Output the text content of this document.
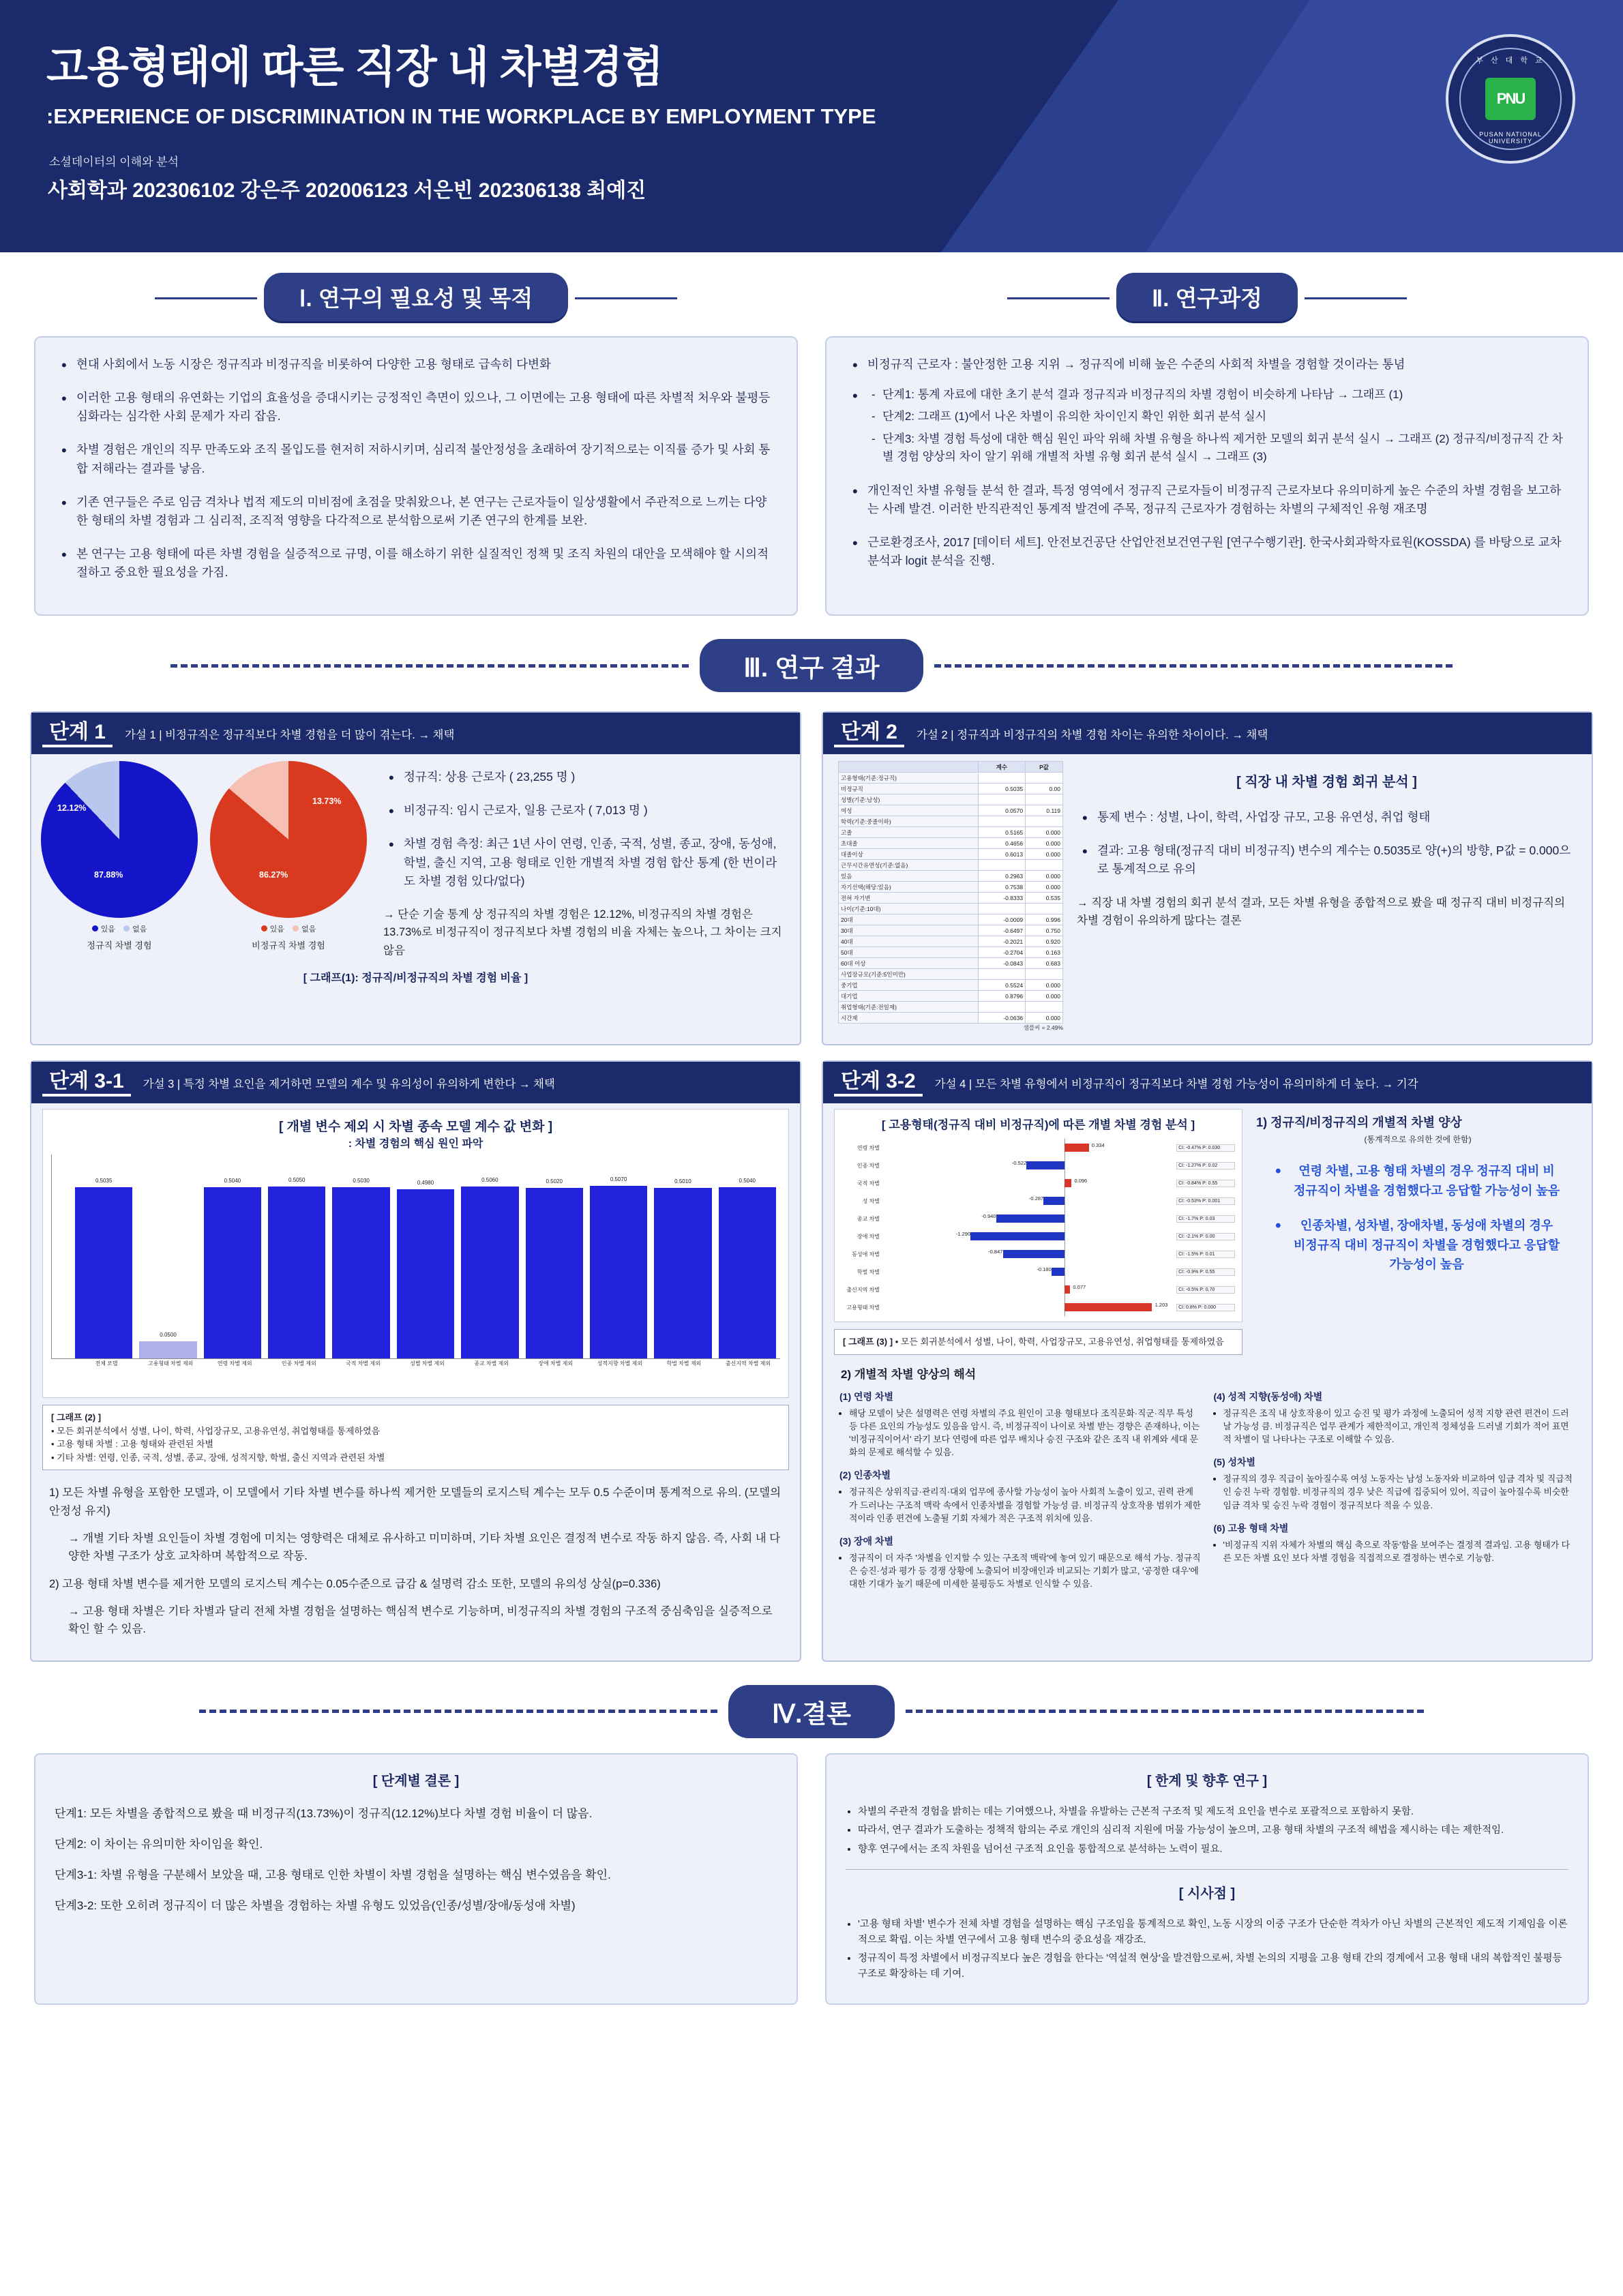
고용형태에 따른 직장 내 차별경험
:EXPERIENCE OF DISCRIMINATION IN THE WORKPLACE BY EMPLOYMENT TYPE
소셜데이터의 이해와 분석
사회학과 202306102 강은주 202006123 서은빈 202306138 최예진
부 산 대 학 교
PNU
PUSAN NATIONAL UNIVERSITY
Ⅰ. 연구의 필요성 및 목적	Ⅱ. 연구과정
• 현대 사회에서 노동 시장은 정규직과 비정규직을 비롯하여 다양한 고용 형태로 급속히 다변화
• 이러한 고용 형태의 유연화는 기업의 효율성을 증대시키는 긍정적인 측면이 있으나, 그 이면에는 고용 형태에 따른 차별적 처우와 불평등 심화라는 심각한 사회 문제가 자리 잡음.
• 차별 경험은 개인의 직무 만족도와 조직 몰입도를 현저히 저하시키며, 심리적 불안정성을 초래하여 장기적으로는 이직률 증가 및 사회 통합 저해라는 결과를 낳음.
• 기존 연구들은 주로 임금 격차나 법적 제도의 미비점에 초점을 맞춰왔으나, 본 연구는 근로자들이 일상생활에서 주관적으로 느끼는 다양한 형태의 차별 경험과 그 심리적, 조직적 영향을 다각적으로 분석함으로써 기존 연구의 한계를 보완.
• 본 연구는 고용 형태에 따른 차별 경험을 실증적으로 규명, 이를 해소하기 위한 실질적인 정책 및 조직 차원의 대안을 모색해야 할 시의적절하고 중요한 필요성을 가짐.
• 비정규직 근로자 : 불안정한 고용 지위 → 정규직에 비해 높은 수준의 사회적 차별을 경험할 것이라는 통념
- • 단계1: 통계 자료에 대한 초기 분석 결과 정규직과 비정규직의 차별 경험이 비슷하게 나타남 → 그래프 (1)
- 단계2: 그래프 (1)에서 나온 차별이 유의한 차이인지 확인 위한 회귀 분석 실시
- 단계3: 차별 경험 특성에 대한 핵심 원인 파악 위해 차별 유형을 하나씩 제거한 모델의 회귀 분석 실시 → 그래프 (2) 정규직/비정규직 간 차별 경험 양상의 차이 알기 위해 개별적 차별 유형 회귀 분석 실시 → 그래프 (3)
• 개인적인 차별 유형들 분석 한 결과, 특정 영역에서 정규직 근로자들이 비정규직 근로자보다 유의미하게 높은 수준의 차별 경험을 보고하는 사례 발견. 이러한 반직관적인 통계적 발견에 주목, 정규직 근로자가 경험하는 차별의 구체적인 유형 재조명
• 근로환경조사, 2017 [데이터 세트]. 안전보건공단 산업안전보건연구원 [연구수행기관]. 한국사회과학자료원(KOSSDA) 를 바탕으로 교차분석과 logit 분석을 진행.
Ⅲ. 연구 결과
단계 1	가설 1 | 비정규직은 정규직보다 차별 경험을 더 많이 겪는다. → 채택
12.12%
87.88%
있음 없음
정규직 차별 경험
13.73%
86.27%
있음 없음
비정규직 차별 경험
• 정규직: 상용 근로자 ( 23,255 명 )
• 비정규직: 임시 근로자, 일용 근로자 ( 7,013 명 )
• 차별 경험 측정: 최근 1년 사이 연령, 인종, 국적, 성별, 종교, 장애, 동성애, 학벌, 출신 지역, 고용 형태로 인한 개별적 차별 경험 합산 통계 (한 번이라도 차별 경험 있다/없다)
→ 단순 기술 통계 상 정규직의 차별 경험은 12.12%, 비정규직의 차별 경험은 13.73%로 비정규직이 정규직보다 차별 경험의 비율 자체는 높으나, 그 차이는 크지 않음
[ 그래프(1): 정규직/비정규직의 차별 경험 비율 ]
단계 2	가설 2 | 정규직과 비정규직의 차별 경험 차이는 유의한 차이이다. → 채택
	계수	P값
고용형태(기준:정규직)		
비정규직	0.5035	0.00
성별(기준:남성)		
여성	0.0570	0.119
학력(기준:중졸이하)		
고졸	0.5165	0.000
초대졸	0.4656	0.000
대졸이상	0.6013	0.000
근무시간유연성(기준:없음)		
있음	0.2963	0.000
자기선택(해당:있음)	0.7538	0.000
전혀 자기변	-0.8333	0.535
나이(기준:10대)		
20대	-0.0009	0.996
30대	-0.6497	0.750
40대	-0.2021	0.920
50대	-0.2704	0.163
60대 이상	-0.0843	0.683
사업장규모(기준:5인미만)		
중기업	0.5524	0.000
대기업	0.8796	0.000
취업형태(기준:전일제)		
시간제	-0.0636	0.000
샘플씨 = 2.49%
[ 직장 내 차별 경험 회귀 분석 ]
• 통제 변수 : 성별, 나이, 학력, 사업장 규모, 고용 유연성, 취업 형태
• 결과: 고용 형태(정규직 대비 비정규직) 변수의 계수는 0.5035로 양(+)의 방향, P값 = 0.000으로 통계적으로 유의
→ 직장 내 차별 경험의 회귀 분석 결과, 모든 차별 유형을 종합적으로 봤을 때 정규직 대비 비정규직의 차별 경험이 유의하게 많다는 결론
단계 3-1	가설 3 | 특정 차별 요인을 제거하면 모델의 계수 및 유의성이 유의하게 변한다 → 채택
[ 개별 변수 제외 시 차별 종속 모델 계수 값 변화 ]
: 차별 경험의 핵심 원인 파악
0.5035
0.0500
0.5040	0.5050	0.5030	0.4980	0.5060	0.5020	0.5070	0.5010	0.5040
전체 모델	고용형태 차별 제외	연령 차별 제외	인종 차별 제외	국적 차별 제외	성별 차별 제외	종교 차별 제외	장애 차별 제외	성적지향 차별 제외	학벌 차별 제외	출신지역 차별 제외
[ 그래프 (2) ]
• 모든 회귀분석에서 성별, 나이, 학력, 사업장규모, 고용유연성, 취업형태를 통제하였음
• 고용 형태 차별 : 고용 형태와 관련된 차별
• 기타 차별: 연령, 인종, 국적, 성별, 종교, 장애, 성적지향, 학벌, 출신 지역과 관련된 차별

1) 모든 차별 유형을 포함한 모델과, 이 모델에서 기타 차별 변수를 하나씩 제거한 모델들의 로지스틱 계수는 모두 0.5 수준이며 통계적으로 유의. (모델의 안정성 유지)

→ 개별 기타 차별 요인들이 차별 경험에 미치는 영향력은 대체로 유사하고 미미하며, 기타 차별 요인은 결정적 변수로 작동 하지 않음. 즉, 사회 내 다양한 차별 구조가 상호 교차하며 복합적으로 작동.

2) 고용 형태 차별 변수를 제거한 모델의 로지스틱 계수는 0.05수준으로 급감 & 설명력 감소 또한, 모델의 유의성 상실(p=0.336)

→ 고용 형태 차별은 기타 차별과 달리 전체 차별 경험을 설명하는 핵심적 변수로 기능하며, 비정규직의 차별 경험의 구조적 중심축임을 실증적으로 확인 할 수 있음.

단계 3-2	가설 4 | 모든 차별 유형에서 비정규직이 정규직보다 차별 경험 가능성이 유의미하게 더 높다. → 기각
[ 고용형태(정규직 대비 비정규직)에 따른 개별 차별 경험 분석 ]
연령 차별	0.334	CI: -0.47% P: 0.030
인종 차별	-0.522	CI: -1.27% P: 0.02
국적 차별	0.096	CI: -0.84% P: 0.55
성 차별	-0.287	CI: -0.53% P: 0.001
종교 차별	-0.940	CI: -1.7% P: 0.03
장애 차별	-1.290	CI: -2.1% P: 0.00
동성애 차별	-0.847	CI: -1.5% P: 0.01
학벌 차별	-0.180	CI: -0.9% P: 0.55
출신지역 차별	0.077	CI: -0.5% P: 0.70
고용형태 차별	1.203	CI: 0.8% P: 0.000
[ 그래프 (3) ] • 모든 회귀분석에서 성별, 나이, 학력, 사업장규모, 고용유연성, 취업형태를 통제하였음
1) 정규직/비정규직의 개별적 차별 양상
(통계적으로 유의한 것에 한함)
• 연령 차별, 고용 형태 차별의 경우 정규직 대비 비정규직이 차별을 경험했다고 응답할 가능성이 높음
• 인종차별, 성차별, 장애차별, 동성애 차별의 경우 비정규직 대비 정규직이 차별을 경험했다고 응답할 가능성이 높음
2) 개별적 차별 양상의 해석
(1) 연령 차별
• 해당 모델이 낮은 설명력은 연령 차별의 주요 원인이 고용 형태보다 조직문화·직군·직무 특성 등 다른 요인의 가능성도 있음을 암시. 즉, 비정규직이 나이로 차별 받는 경향은 존재하나, 이는 '비정규직이어서' 라기 보다 연령에 따른 업무 배치나 승진 구조와 같은 조직 내 위계와 세대 문화의 문제로 해석할 수 있음.
(2) 인종차별
• 정규직은 상위직급·관리직·대외 업무에 종사할 가능성이 높아 사회적 노출이 있고, 권력 관계가 드러나는 구조적 맥락 속에서 인종차별을 경험할 가능성 큼. 비정규직 상호작용 범위가 제한적이라 인종 편견에 노출될 기회 자체가 적은 구조적 위치에 있음.
(3) 장애 차별
• 정규직이 더 자주 '차별을 인지할 수 있는 구조적 맥락'에 놓여 있기 때문으로 해석 가능. 정규직은 승진·성과 평가 등 경쟁 상황에 노출되어 비장애인과 비교되는 기회가 많고, '공정한 대우'에 대한 기대가 높기 때문에 미세한 불평등도 차별로 인식할 수 있음.
(4) 성적 지향(동성애) 차별
• 정규직은 조직 내 상호작용이 있고 승진 및 평가 과정에 노출되어 성적 지향 관련 편견이 드러날 가능성 큼. 비정규직은 업무 관계가 제한적이고, 개인적 정체성을 드러낼 기회가 적어 표면적 차별이 덜 나타나는 구조로 이해할 수 있음.
(5) 성차별
• 정규직의 경우 직급이 높아질수록 여성 노동자는 남성 노동자와 비교하여 임금 격차 및 직급적인 승진 누락 경험함. 비정규직의 경우 낮은 직급에 집중되어 있어, 직급이 높아질수록 비슷한 임금 격차 및 승진 누락 경험이 정규직보다 적을 수 있음.
(6) 고용 형태 차별
• '비정규직 지위 자체가 차별의 핵심 축으로 작동'함을 보여주는 결정적 결과임. 고용 형태가 다른 모든 차별 요인 보다 차별 경험을 직접적으로 결정하는 변수로 기능함.
Ⅳ.결론
[ 단계별 결론 ]

단계1: 모든 차별을 종합적으로 봤을 때 비정규직(13.73%)이 정규직(12.12%)보다 차별 경험 비율이 더 많음.

단계2: 이 차이는 유의미한 차이임을 확인.

단계3-1: 차별 유형을 구분해서 보았을 때, 고용 형태로 인한 차별이 차별 경험을 설명하는 핵심 변수였음을 확인.

단계3-2: 또한 오히려 정규직이 더 많은 차별을 경험하는 차별 유형도 있었음(인종/성별/장애/동성애 차별)

[ 한계 및 향후 연구 ]
• 차별의 주관적 경험을 밝히는 데는 기여했으나, 차별을 유발하는 근본적 구조적 및 제도적 요인을 변수로 포괄적으로 포함하지 못함.
• 따라서, 연구 결과가 도출하는 정책적 함의는 주로 개인의 심리적 지원에 머물 가능성이 높으며, 고용 형태 차별의 구조적 해법을 제시하는 데는 제한적임.
• 향후 연구에서는 조직 차원을 넘어선 구조적 요인을 통합적으로 분석하는 노력이 필요.
[ 시사점 ]
• '고용 형태 차별' 변수가 전체 차별 경험을 설명하는 핵심 구조임을 통계적으로 확인, 노동 시장의 이중 구조가 단순한 격차가 아닌 차별의 근본적인 제도적 기제임을 이론적으로 확립. 이는 차별 연구에서 고용 형태 변수의 중요성을 재강조.
• 정규직이 특정 차별에서 비정규직보다 높은 경험을 한다는 '역설적 현상'을 발견함으로써, 차별 논의의 지평을 고용 형태 간의 경계에서 고용 형태 내의 복합적인 불평등 구조로 확장하는 데 기여.
